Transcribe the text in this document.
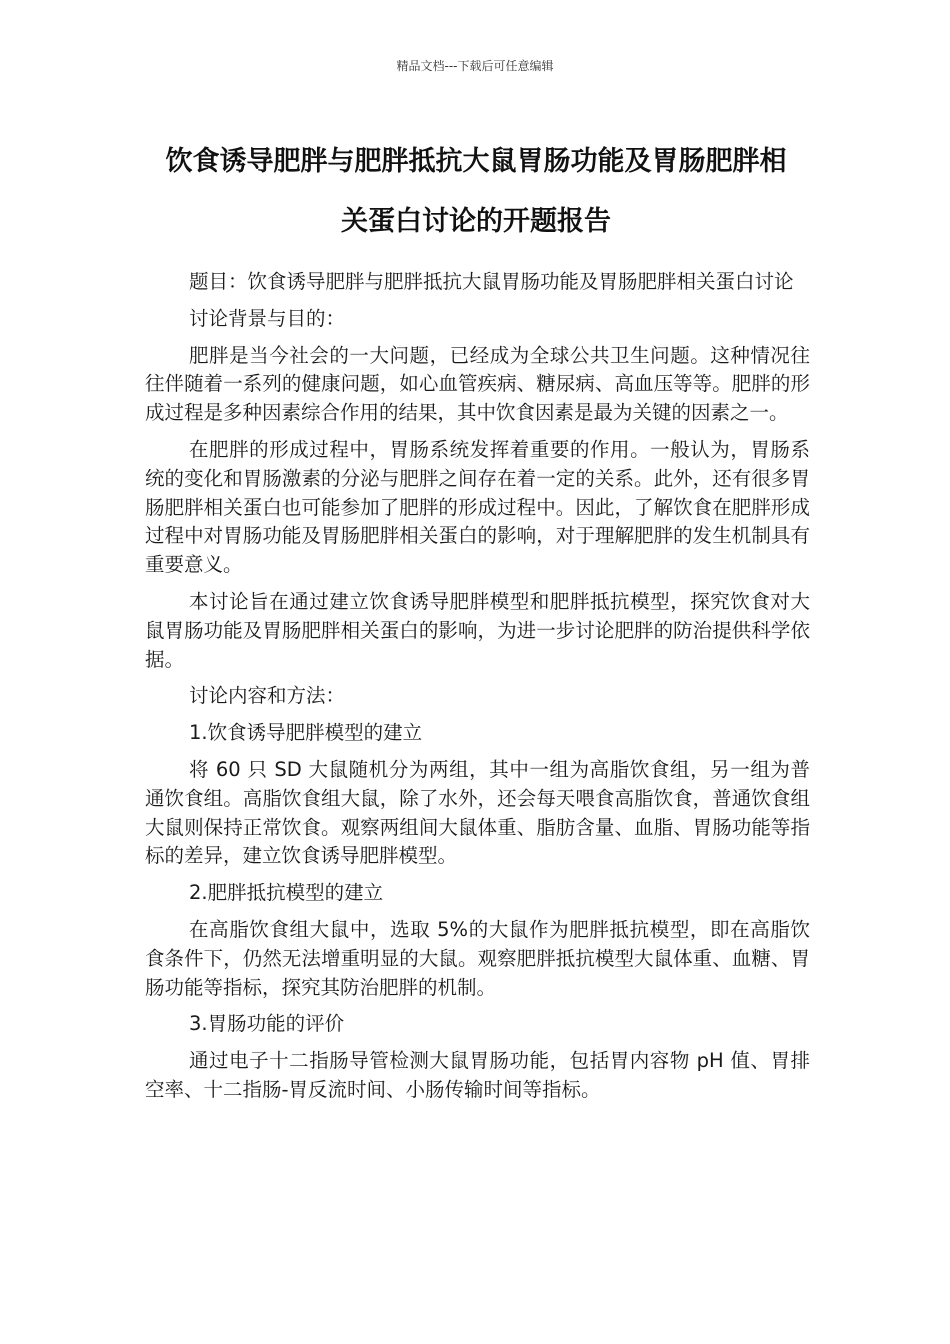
精品文档---下载后可任意编辑
饮食诱导肥胖与肥胖抵抗大鼠胃肠功能及胃肠肥胖相
关蛋白讨论的开题报告

题目：饮食诱导肥胖与肥胖抵抗大鼠胃肠功能及胃肠肥胖相关蛋白讨论

讨论背景与目的：

肥胖是当今社会的一大问题，已经成为全球公共卫生问题。这种情况往往伴随着一系列的健康问题，如心血管疾病、糖尿病、高血压等等。肥胖的形成过程是多种因素综合作用的结果，其中饮食因素是最为关键的因素之一。

在肥胖的形成过程中，胃肠系统发挥着重要的作用。一般认为，胃肠系统的变化和胃肠激素的分泌与肥胖之间存在着一定的关系。此外，还有很多胃肠肥胖相关蛋白也可能参加了肥胖的形成过程中。因此，了解饮食在肥胖形成过程中对胃肠功能及胃肠肥胖相关蛋白的影响，对于理解肥胖的发生机制具有重要意义。

本讨论旨在通过建立饮食诱导肥胖模型和肥胖抵抗模型，探究饮食对大鼠胃肠功能及胃肠肥胖相关蛋白的影响，为进一步讨论肥胖的防治提供科学依据。

讨论内容和方法：

1.饮食诱导肥胖模型的建立

将 60 只 SD 大鼠随机分为两组，其中一组为高脂饮食组，另一组为普通饮食组。高脂饮食组大鼠，除了水外，还会每天喂食高脂饮食，普通饮食组大鼠则保持正常饮食。观察两组间大鼠体重、脂肪含量、血脂、胃肠功能等指标的差异，建立饮食诱导肥胖模型。

2.肥胖抵抗模型的建立

在高脂饮食组大鼠中，选取 5%的大鼠作为肥胖抵抗模型，即在高脂饮食条件下，仍然无法增重明显的大鼠。观察肥胖抵抗模型大鼠体重、血糖、胃肠功能等指标，探究其防治肥胖的机制。

3.胃肠功能的评价

通过电子十二指肠导管检测大鼠胃肠功能，包括胃内容物 pH 值、胃排空率、十二指肠-胃反流时间、小肠传输时间等指标。
